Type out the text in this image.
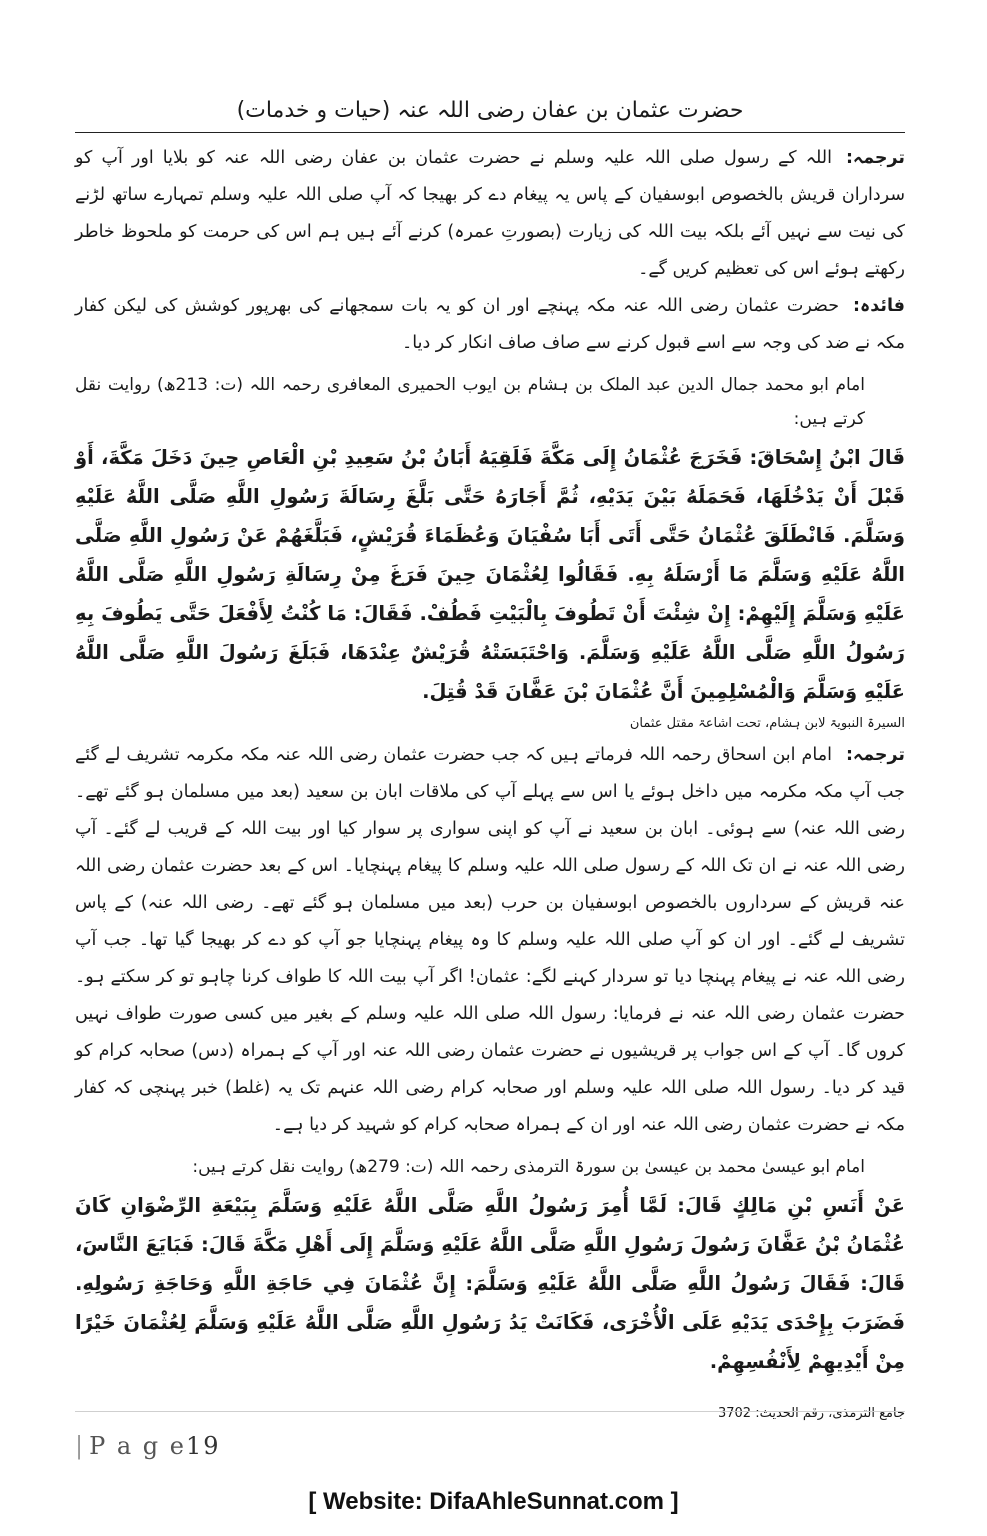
حضرت عثمان بن عفان رضی اللہ عنہ (حیات و خدمات)

ترجمہ:اللہ کے رسول صلی اللہ علیہ وسلم نے حضرت عثمان بن عفان رضی اللہ عنہ کو بلایا اور آپ کو سرداران قریش بالخصوص ابوسفیان کے پاس یہ پیغام دے کر بھیجا کہ آپ صلی اللہ علیہ وسلم تمہارے ساتھ لڑنے کی نیت سے نہیں آئے بلکہ بیت اللہ کی زیارت (بصورتِ عمرہ) کرنے آئے ہیں ہم اس کی حرمت کو ملحوظ خاطر رکھتے ہوئے اس کی تعظیم کریں گے۔

فائدہ:حضرت عثمان رضی اللہ عنہ مکہ پہنچے اور ان کو یہ بات سمجھانے کی بھرپور کوشش کی لیکن کفار مکہ نے ضد کی وجہ سے اسے قبول کرنے سے صاف صاف انکار کر دیا۔

امام ابو محمد جمال الدین عبد الملک بن ہشام بن ایوب الحمیری المعافری رحمہ اللہ (ت: 213ھ) روایت نقل کرتے ہیں:

قَالَ ابْنُ إِسْحَاقَ: فَخَرَجَ عُثْمَانُ إِلَى مَكَّةَ فَلَقِيَهُ أَبَانُ بْنُ سَعِيدِ بْنِ الْعَاصِ حِينَ دَخَلَ مَكَّةَ، أَوْ قَبْلَ أَنْ يَدْخُلَهَا، فَحَمَلَهُ بَيْنَ يَدَيْهِ، ثُمَّ أَجَارَهُ حَتَّى بَلَّغَ رِسَالَةَ رَسُولِ اللَّهِ صَلَّى اللَّهُ عَلَيْهِ وَسَلَّمَ. فَانْطَلَقَ عُثْمَانُ حَتَّى أَتَى أَبَا سُفْيَانَ وَعُظَمَاءَ قُرَيْشٍ، فَبَلَّغَهُمْ عَنْ رَسُولِ اللَّهِ صَلَّى اللَّهُ عَلَيْهِ وَسَلَّمَ مَا أَرْسَلَهُ بِهِ. فَقَالُوا لِعُثْمَانَ حِينَ فَرَغَ مِنْ رِسَالَةِ رَسُولِ اللَّهِ صَلَّى اللَّهُ عَلَيْهِ وَسَلَّمَ إِلَيْهِمْ: إِنْ شِئْتَ أَنْ تَطُوفَ بِالْبَيْتِ فَطُفْ. فَقَالَ: مَا كُنْتُ لِأَفْعَلَ حَتَّى يَطُوفَ بِهِ رَسُولُ اللَّهِ صَلَّى اللَّهُ عَلَيْهِ وَسَلَّمَ. وَاحْتَبَسَتْهُ قُرَيْشٌ عِنْدَهَا، فَبَلَغَ رَسُولَ اللَّهِ صَلَّى اللَّهُ عَلَيْهِ وَسَلَّمَ وَالْمُسْلِمِينَ أَنَّ عُثْمَانَ بْنَ عَفَّانَ قَدْ قُتِلَ.

السیرۃ النبویۃ لابن ہشام، تحت اشاعۃ مقتل عثمان

ترجمہ:امام ابن اسحاق رحمہ اللہ فرماتے ہیں کہ جب حضرت عثمان رضی اللہ عنہ مکہ مکرمہ تشریف لے گئے جب آپ مکہ مکرمہ میں داخل ہوئے یا اس سے پہلے آپ کی ملاقات ابان بن سعید (بعد میں مسلمان ہو گئے تھے۔ رضی اللہ عنہ) سے ہوئی۔ ابان بن سعید نے آپ کو اپنی سواری پر سوار کیا اور بیت اللہ کے قریب لے گئے۔ آپ رضی اللہ عنہ نے ان تک اللہ کے رسول صلی اللہ علیہ وسلم کا پیغام پہنچایا۔ اس کے بعد حضرت عثمان رضی اللہ عنہ قریش کے سرداروں بالخصوص ابوسفیان بن حرب (بعد میں مسلمان ہو گئے تھے۔ رضی اللہ عنہ) کے پاس تشریف لے گئے۔ اور ان کو آپ صلی اللہ علیہ وسلم کا وہ پیغام پہنچایا جو آپ کو دے کر بھیجا گیا تھا۔ جب آپ رضی اللہ عنہ نے پیغام پہنچا دیا تو سردار کہنے لگے: عثمان! اگر آپ بیت اللہ کا طواف کرنا چاہو تو کر سکتے ہو۔ حضرت عثمان رضی اللہ عنہ نے فرمایا: رسول اللہ صلی اللہ علیہ وسلم کے بغیر میں کسی صورت طواف نہیں کروں گا۔ آپ کے اس جواب پر قریشیوں نے حضرت عثمان رضی اللہ عنہ اور آپ کے ہمراہ (دس) صحابہ کرام کو قید کر دیا۔ رسول اللہ صلی اللہ علیہ وسلم اور صحابہ کرام رضی اللہ عنہم تک یہ (غلط) خبر پہنچی کہ کفار مکہ نے حضرت عثمان رضی اللہ عنہ اور ان کے ہمراہ صحابہ کرام کو شہید کر دیا ہے۔

امام ابو عیسیٰ محمد بن عیسیٰ بن سورۃ الترمذی رحمہ اللہ (ت: 279ھ) روایت نقل کرتے ہیں:

عَنْ أَنَسِ بْنِ مَالِكٍ قَالَ: لَمَّا أُمِرَ رَسُولُ اللَّهِ صَلَّى اللَّهُ عَلَيْهِ وَسَلَّمَ بِبَيْعَةِ الرِّضْوَانِ كَانَ عُثْمَانُ بْنُ عَفَّانَ رَسُولَ رَسُولِ اللَّهِ صَلَّى اللَّهُ عَلَيْهِ وَسَلَّمَ إِلَى أَهْلِ مَكَّةَ قَالَ: فَبَايَعَ النَّاسَ، قَالَ: فَقَالَ رَسُولُ اللَّهِ صَلَّى اللَّهُ عَلَيْهِ وَسَلَّمَ: إِنَّ عُثْمَانَ فِي حَاجَةِ اللَّهِ وَحَاجَةِ رَسُولِهِ. فَضَرَبَ بِإِحْدَى يَدَيْهِ عَلَى الْأُخْرَى، فَكَانَتْ يَدُ رَسُولِ اللَّهِ صَلَّى اللَّهُ عَلَيْهِ وَسَلَّمَ لِعُثْمَانَ خَيْرًا مِنْ أَيْدِيهِمْ لِأَنْفُسِهِمْ.

جامع الترمذی، رقم الحدیث: 3702

| P a g e19
[ Website: DifaAhleSunnat.com ]
